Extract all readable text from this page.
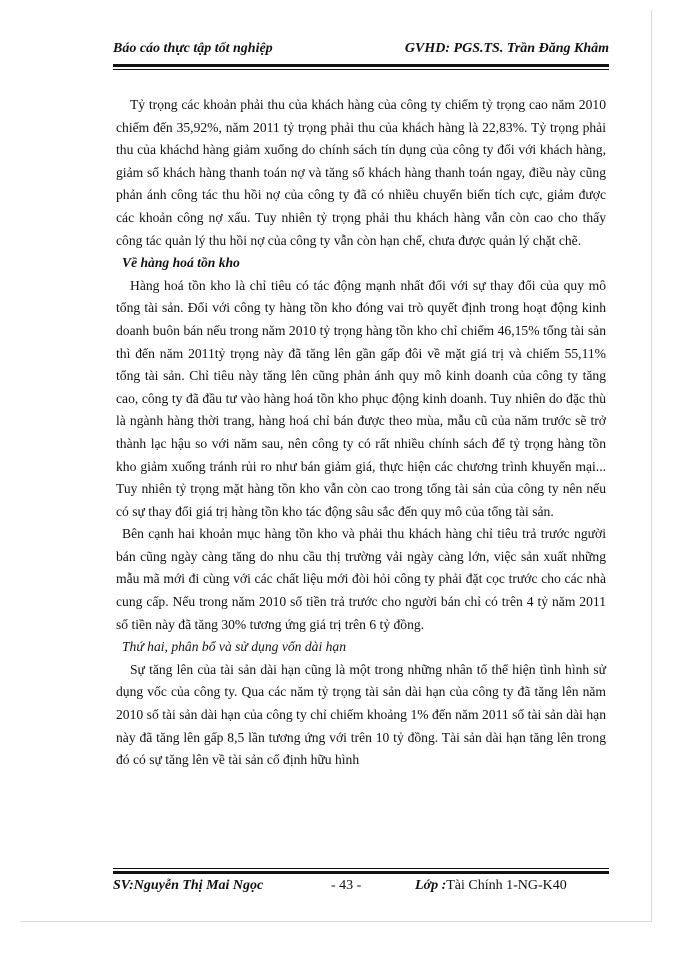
Báo cáo thực tập tốt nghiệp	GVHD: PGS.TS. Trần Đăng Khâm

Tỷ trọng các khoản phải thu của khách hàng của công ty chiếm tỷ trọng cao năm 2010 chiếm đến 35,92%, năm 2011 tỷ trọng phải thu của khách hàng là 22,83%. Tỷ trọng phải thu của kháchd hàng giảm xuống do chính sách tín dụng của công ty đối với khách hàng, giảm số khách hàng thanh toán nợ và tăng số khách hàng thanh toán ngay, điều này cũng phản ánh công tác thu hồi nợ của công ty đã có nhiều chuyển biến tích cực, giảm được các khoản công nợ xấu. Tuy nhiên tỷ trọng phải thu khách hàng vẫn còn cao cho thấy công tác quản lý thu hồi nợ của công ty vẫn còn hạn chế, chưa được quản lý chặt chẽ.

Về hàng hoá tồn kho

Hàng hoá tồn kho là chỉ tiêu có tác động mạnh nhất đối với sự thay đổi của quy mô tổng tài sản. Đối với công ty hàng tồn kho đóng vai trò quyết định trong hoạt động kinh doanh buôn bán nếu trong năm 2010 tỷ trọng hàng tồn kho chỉ chiếm 46,15% tổng tài sản thì đến năm 2011tỷ trọng này đã tăng lên gần gấp đôi về mặt giá trị và chiếm 55,11% tổng tài sản. Chỉ tiêu này tăng lên cũng phản ánh quy mô kinh doanh của công ty tăng cao, công ty đã đầu tư vào hàng hoá tồn kho phục động kinh doanh. Tuy nhiên do đặc thù là ngành hàng thời trang, hàng hoá chỉ bán được theo mùa, mẫu cũ của năm trước sẽ trở thành lạc hậu so với năm sau, nên công ty có rất nhiều chính sách để tỷ trọng hàng tồn kho giảm xuống tránh rủi ro như bán giảm giá, thực hiện các chương trình khuyến mại... Tuy nhiên tỷ trọng mặt hàng tồn kho vẫn còn cao trong tổng tài sản của công ty nên nếu có sự thay đổi giá trị hàng tồn kho tác động sâu sắc đến quy mô của tổng tài sản.

Bên cạnh hai khoản mục hàng tồn kho và phải thu khách hàng chỉ tiêu trả trước người bán cũng ngày càng tăng do nhu cầu thị trường vải ngày càng lớn, việc sản xuất những mẫu mã mới đi cùng với các chất liệu mới đòi hỏi công ty phải đặt cọc trước cho các nhà cung cấp. Nếu trong năm 2010 số tiền trả trước cho người bán chỉ có trên 4 tỷ năm 2011 số tiền này đã tăng 30% tương ứng giá trị trên 6 tỷ đồng.

Thứ hai, phân bổ và sử dụng vốn dài hạn

Sự tăng lên của tài sản dài hạn cũng là một trong những nhân tố thể hiện tình hình sử dụng vốc của công ty. Qua các năm tỷ trọng tài sản dài hạn của công ty đã tăng lên năm 2010 số tài sản dài hạn của công ty chỉ chiếm khoảng 1% đến năm 2011 số tài sản dài hạn này đã tăng lên gấp 8,5 lần tương ứng với trên 10 tỷ đồng. Tài sản dài hạn tăng lên trong đó có sự tăng lên về tài sản cố định hữu hình

SV:Nguyễn Thị Mai Ngọc	- 43 -	Lớp :Tài Chính 1-NG-K40
